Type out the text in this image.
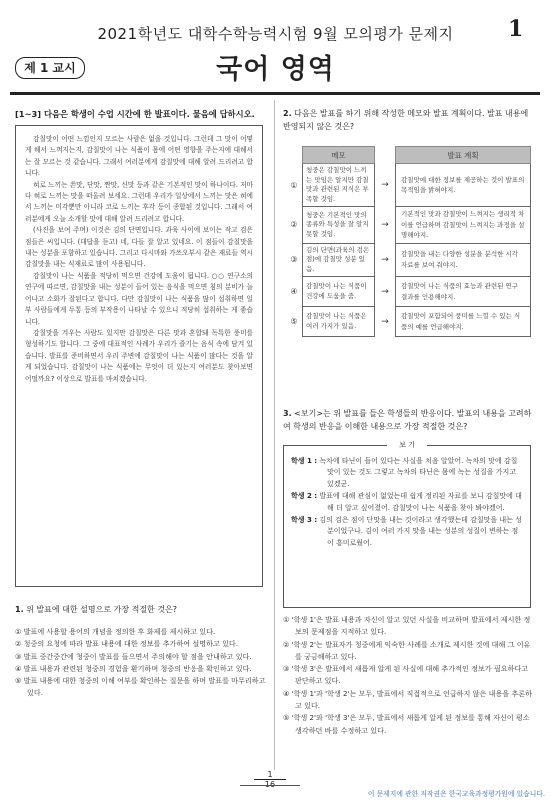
2021학년도 대학수학능력시험 9월 모의평가 문제지	1
국어 영역
제 1 교시
[1~3] 다음은 학생이 수업 시간에 한 발표이다. 물음에 답하시오.

감칠맛이 어떤 느낌인지 모르는 사람은 없을 것입니다. 그런데 그 맛이 어떻게 해서 느껴지는지, 감칠맛이 나는 식품이 몸에 어떤 영향을 주는지에 대해서는 잘 모르는 것 같습니다. 그래서 여러분에게 감칠맛에 대해 알려 드리려고 합니다.

혀로 느끼는 쓴맛, 단맛, 짠맛, 신맛 등과 같은 기본적인 맛이 하나이다. 저마다 혀로 느끼는 맛을 떠올려 보세요. 그런데 우리가 일상에서 느끼는 맛은 혀에서 느끼는 미각뿐만 아니라 코로 느끼는 후각 등이 종합된 것입니다. 그래서 여러분에게 오늘 소개할 맛에 대해 알려 드리려고 합니다.

(사진을 보여 주며) 이것은 김의 단면입니다. 과육 사이에 보이는 작고 검은 점들은 씨입니다. (대답을 듣고) 네, 다들 잘 알고 있네요. 이 점들이 감칠맛을 내는 성분을 포함하고 있습니다. 그리고 다시마와 가쓰오부시 같은 재료들 역시 감칠맛을 내는 식재료로 많이 사용됩니다.

감칠맛이 나는 식품을 적당히 먹으면 건강에 도움이 됩니다. ○○ 연구소의 연구에 따르면, 감칠맛을 내는 성분이 들어 있는 음식을 먹으면 침의 분비가 늘어나고 소화가 잘된다고 합니다. 다만 감칠맛이 나는 식품을 많이 섭취하면 일부 사람들에게 두통 등의 부작용이 나타날 수 있으니 적당히 섭취하는 게 좋습니다.

감칠맛을 겨우는 사람도 있지만 감칠맛은 다른 맛과 혼합돼 독특한 풍미를 형성하기도 합니다. 그 중에 대표적인 사례가 우리가 즐기는 음식 속에 담겨 있습니다. 발표를 준비하면서 우리 주변에 감칠맛이 나는 식품이 많다는 것을 알게 되었습니다. 감칠맛이 나는 식품에는 무엇이 더 있는지 여러분도 찾아보면 어떨까요? 이상으로 발표를 마치겠습니다.

1. 위 발표에 대한 설명으로 가장 적절한 것은?

① 발표에 사용할 용어의 개념을 정의한 후 화제를 제시하고 있다.

② 청중의 요청에 따라 발표 내용에 대한 정보를 추가하여 설명하고 있다.

③ 발표 중간중간에 청중이 발표를 들으면서 주의해야 할 점을 안내하고 있다.

④ 발표 내용과 관련된 청중의 경험을 환기하며 청중의 반응을 확인하고 있다.

⑤ 발표 내용에 대한 청중의 이해 여부를 확인하는 질문을 하며 발표를 마무리하고 있다.

2. 다음은 발표를 하기 위해 작성한 메모와 발표 계획이다. 발표 내용에 반영되지 않은 것은?
	메모		발표 계획
①	청중은 감칠맛이 느끼는 맛임은 알지만 감칠맛과 관련된 지식은 부족할 것임.	→	감칠맛에 대한 정보를 제공하는 것이 발표의 목적임을 밝혀야지.
②	청중은 기본적인 맛의 종류와 특성을 잘 알지 못할 것임.	→	기본적인 맛과 감칠맛이 느껴지는 생리적 차이를 언급하며 감칠맛이 느껴지는 과정을 설명해야지.
③	김의 단면(과육의 검은 점)에 감칠맛 성분 있음.	→	감칠맛을 내는 다양한 성분을 분석한 시각 자료를 보여 줘야지.
④	감칠맛이 나는 식품이 건강에 도움을 줌.	→	감칠맛이 나는 식품의 효능과 관련된 연구 결과를 인용해야지.
⑤	감칠맛이 나는 식품은 여러 가지가 있음.	→	감칠맛이 포함되어 풍미를 느낄 수 있는 식품의 예를 언급해야지.
3. <보기>는 위 발표를 들은 학생들의 반응이다. 발표의 내용을 고려하여 학생의 반응을 이해한 내용으로 가장 적절한 것은?

학생 1 : 녹차에 타닌이 들어 있다는 사실을 처음 알았어. 녹차의 맛에 감칠맛이 있는 것도 그렇고 녹차의 타닌은 몸에 녹는 성질을 가지고 있겠군.

학생 2 : 발표에 대해 관심이 없었는데 쉽게 정리된 자료를 보니 감칠맛에 대해 더 알고 싶어졌어. 감칠맛이 나는 식품을 찾아 봐야겠어.

학생 3 : 김의 검은 점이 단맛을 내는 것이라고 생각했는데 감칠맛을 내는 성분이었구나. 김이 여러 가지 맛을 내는 성분의 성질이 변하는 점이 흥미로웠어.

보 기

① '학생 1'은 발표 내용과 자신이 알고 있던 사실을 비교하며 발표에서 제시한 정보의 문제점을 지적하고 있다.

② '학생 2'는 발표자가 청중에게 익숙한 사례를 소개로 제시한 것에 대해 그 이유를 궁금해하고 있다.

③ '학생 3'은 발표에서 새롭게 알게 된 사실에 대해 추가적인 정보가 필요하다고 판단하고 있다.

④ '학생 1'과 '학생 2'는 모두, 발표에서 직접적으로 언급하지 않은 내용을 추론하고 있다.

⑤ '학생 2'와 '학생 3'은 모두, 발표에서 새롭게 알게 된 정보를 통해 자신이 평소 생각하던 바를 수정하고 있다.

1
이 문제지에 관한 저작권은 한국교육과정평가원에 있습니다.
